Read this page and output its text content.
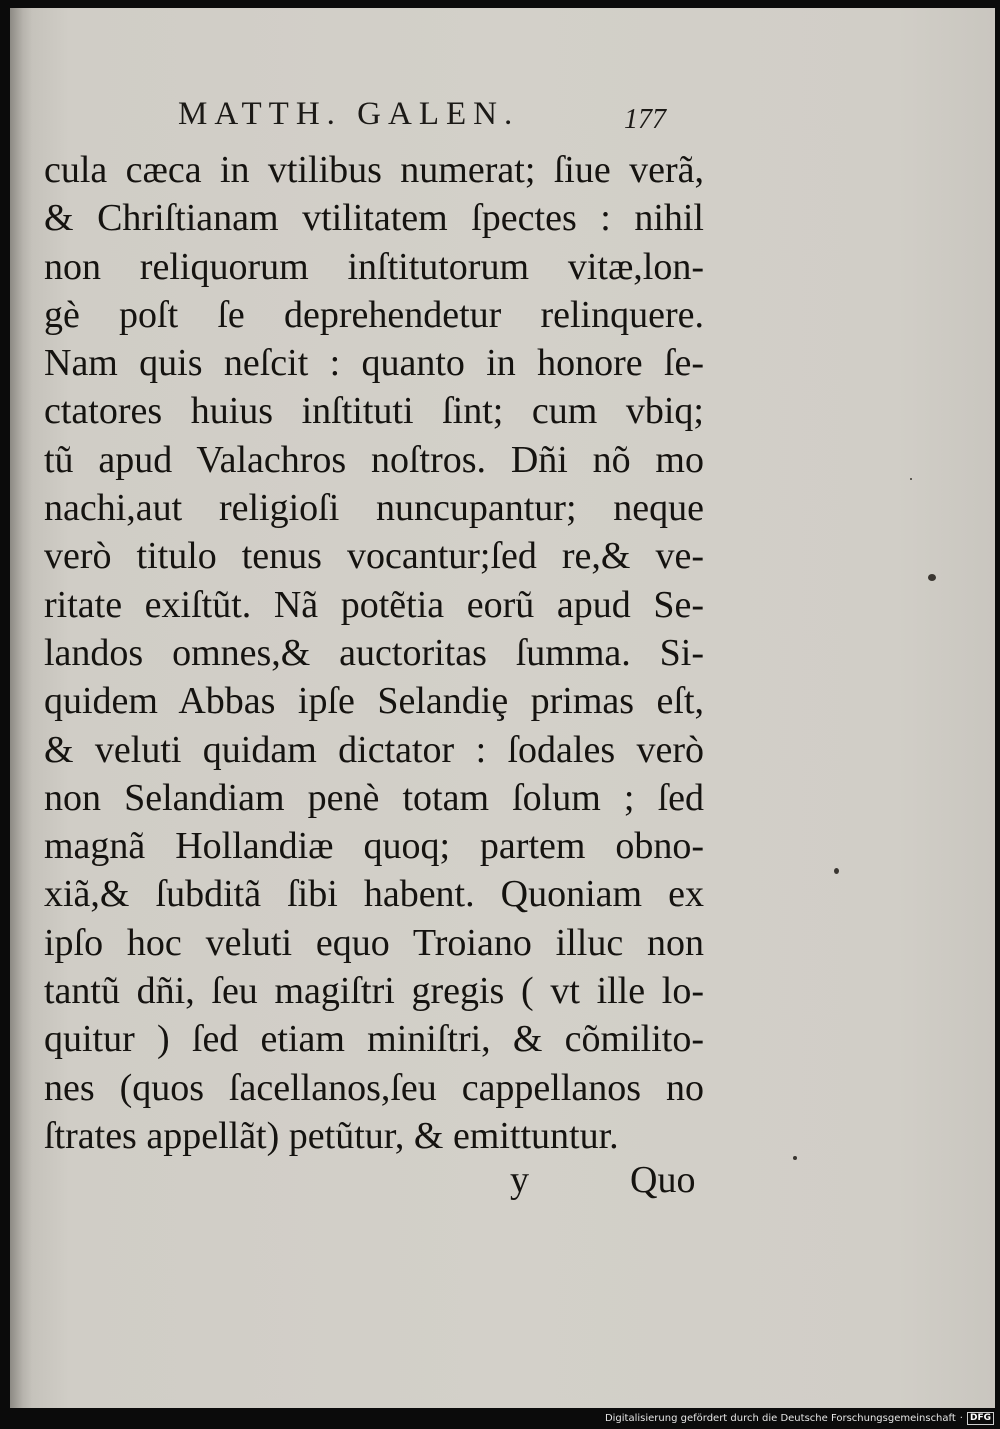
MATTH. GALEN.	177
cula cæca in vtilibus numerat; ſiue verã,
& Chriſtianam vtilitatem ſpectes : nihil
non reliquorum inſtitutorum vitæ,lon-
gè poſt ſe deprehendetur relinquere.
Nam quis neſcit : quanto in honore ſe-
ctatores huius inſtituti ſint; cum vbiq;
tũ apud Valachros noſtros. Dñi nõ mo
nachi,aut religioſi nuncupantur; neque
verò titulo tenus vocantur;ſed re,& ve-
ritate exiſtũt. Nã potẽtia eorũ apud Se-
landos omnes,& auctoritas ſumma. Si-
quidem Abbas ipſe Selandiȩ primas eſt,
& veluti quidam dictator : ſodales verò
non Selandiam penè totam ſolum ; ſed
magnã Hollandiæ quoq; partem obno-
xiã,& ſubditã ſibi habent. Quoniam ex
ipſo hoc veluti equo Troiano illuc non
tantũ dñi, ſeu magiſtri gregis ( vt ille lo-
quitur ) ſed etiam miniſtri, & cõmilito-
nes (quos ſacellanos,ſeu cappellanos no
ſtrates appellãt) petũtur, & emittuntur.
y	Quo
Digitalisierung gefördert durch die Deutsche Forschungsgemeinschaft · DFG
